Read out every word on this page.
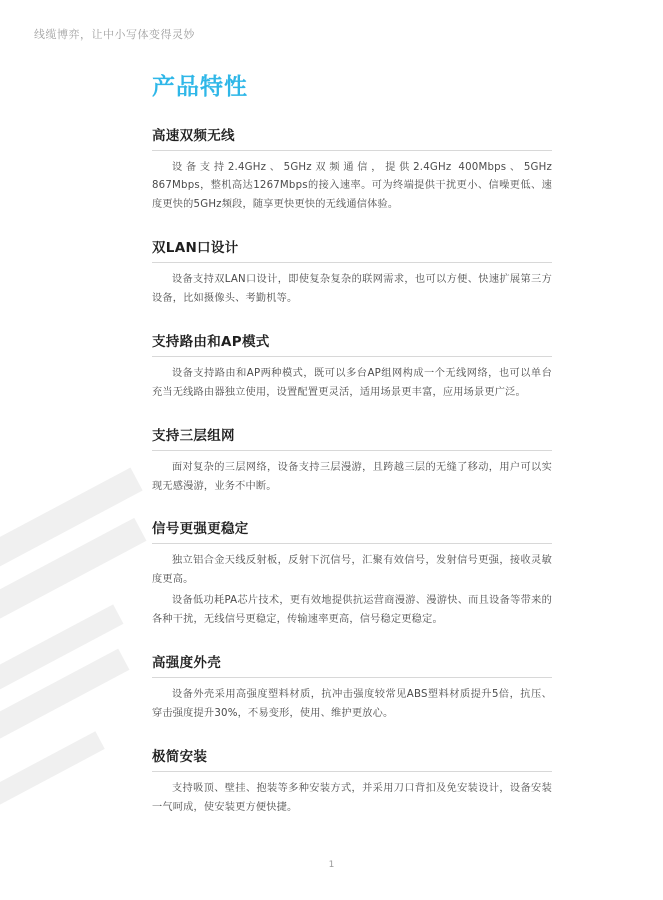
线缆博弈，让中小写体变得灵妙
产品特性
高速双频无线

设备支持2.4GHz、5GHz双频通信，提供2.4GHz 400Mbps、5GHz 867Mbps，整机高达1267Mbps的接入速率。可为终端提供干扰更小、信噪更低、速度更快的5GHz频段，随享更快更快的无线通信体验。

双LAN口设计

设备支持双LAN口设计，即使复杂复杂的联网需求，也可以方便、快速扩展第三方设备，比如摄像头、考勤机等。

支持路由和AP模式

设备支持路由和AP两种模式，既可以多台AP组网构成一个无线网络，也可以单台充当无线路由器独立使用，设置配置更灵活，适用场景更丰富，应用场景更广泛。

支持三层组网

面对复杂的三层网络，设备支持三层漫游，且跨越三层的无缝了移动，用户可以实现无感漫游，业务不中断。

信号更强更稳定

独立铝合金天线反射板，反射下沉信号，汇聚有效信号，发射信号更强，接收灵敏度更高。

设备低功耗PA芯片技术，更有效地提供抗运营商漫游、漫游快、而且设备等带来的各种干扰，无线信号更稳定，传输速率更高，信号稳定更稳定。

高强度外壳

设备外壳采用高强度塑料材质，抗冲击强度较常见ABS塑料材质提升5倍，抗压、穿击强度提升30%，不易变形，使用、维护更放心。

极简安装

支持吸顶、壁挂、抱装等多种安装方式，并采用刀口背扣及免安装设计，设备安装一气呵成，使安装更方便快捷。

1
